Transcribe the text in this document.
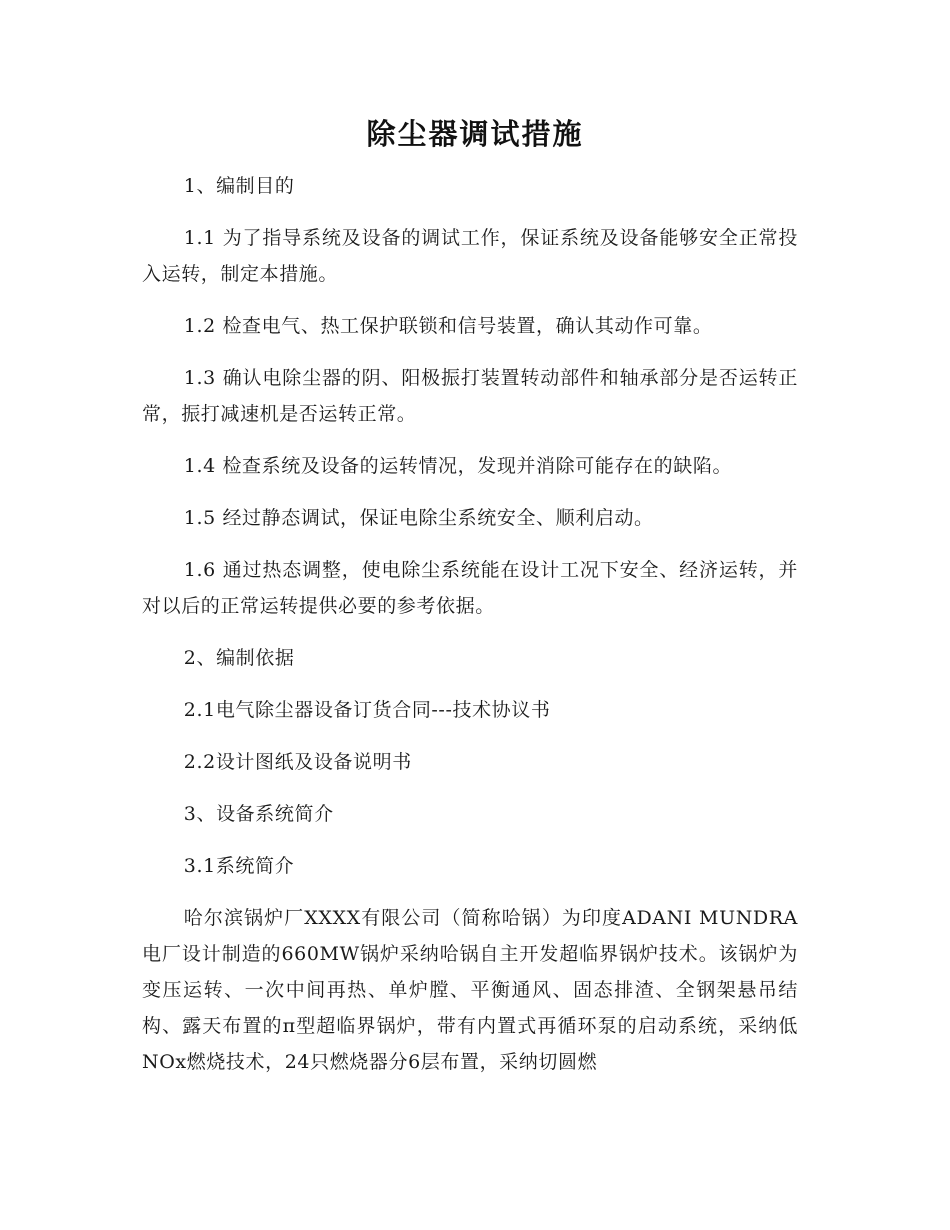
除尘器调试措施

1、编制目的

1.1 为了指导系统及设备的调试工作，保证系统及设备能够安全正常投入运转，制定本措施。

1.2 检查电气、热工保护联锁和信号装置，确认其动作可靠。

1.3 确认电除尘器的阴、阳极振打装置转动部件和轴承部分是否运转正常，振打减速机是否运转正常。

1.4 检查系统及设备的运转情况，发现并消除可能存在的缺陷。

1.5 经过静态调试，保证电除尘系统安全、顺利启动。

1.6 通过热态调整，使电除尘系统能在设计工况下安全、经济运转，并对以后的正常运转提供必要的参考依据。

2、编制依据

2.1电气除尘器设备订货合同---技术协议书

2.2设计图纸及设备说明书

3、设备系统简介

3.1系统简介

哈尔滨锅炉厂XXXX有限公司（简称哈锅）为印度ADANI MUNDRA电厂设计制造的660MW锅炉采纳哈锅自主开发超临界锅炉技术。该锅炉为变压运转、一次中间再热、单炉膛、平衡通风、固态排渣、全钢架悬吊结构、露天布置的π型超临界锅炉，带有内置式再循环泵的启动系统，采纳低NOx燃烧技术，24只燃烧器分6层布置，采纳切圆燃
